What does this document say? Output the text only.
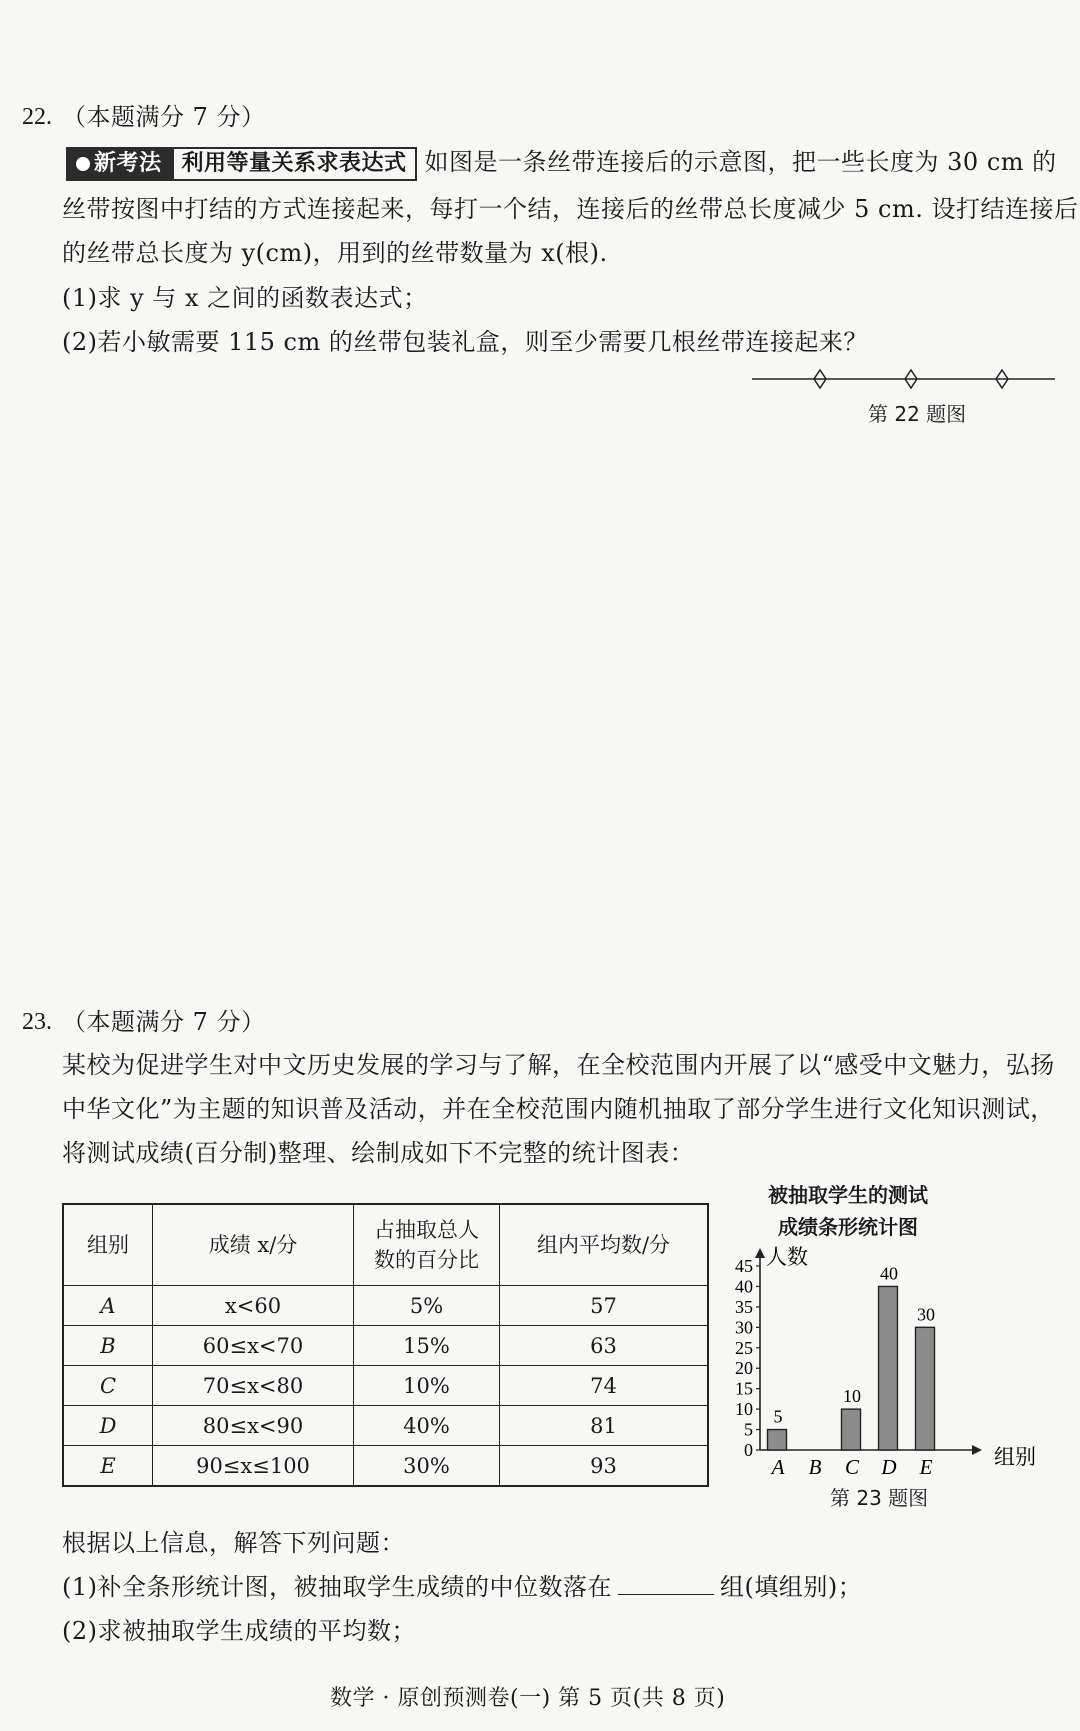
22. （本题满分 7 分）
新考法 利用等量关系求表达式 如图是一条丝带连接后的示意图，把一些长度为 30 cm 的
丝带按图中打结的方式连接起来，每打一个结，连接后的丝带总长度减少 5 cm. 设打结连接后
的丝带总长度为 y(cm)，用到的丝带数量为 x(根).
(1)求 y 与 x 之间的函数表达式；
(2)若小敏需要 115 cm 的丝带包装礼盒，则至少需要几根丝带连接起来？
第 22 题图
23. （本题满分 7 分）
某校为促进学生对中文历史发展的学习与了解，在全校范围内开展了以“感受中文魅力，弘扬
中华文化”为主题的知识普及活动，并在全校范围内随机抽取了部分学生进行文化知识测试，
将测试成绩(百分制)整理、绘制成如下不完整的统计图表：
组别	成绩 x/分	占抽取总人
数的百分比	组内平均数/分
A	x<60	5%	57
B	60≤x<70	15%	63
C	70≤x<80	10%	74
D	80≤x<90	40%	81
E	90≤x≤100	30%	93
被抽取学生的测试
成绩条形统计图
0
5
10
15
20
25
30
35
40
45 人数
组别
A
5
B C
10
D
40
E
30
第 23 题图
根据以上信息，解答下列问题：
(1)补全条形统计图，被抽取学生成绩的中位数落在	组(填组别)；
(2)求被抽取学生成绩的平均数；
数学 · 原创预测卷(一) 第 5 页(共 8 页)
